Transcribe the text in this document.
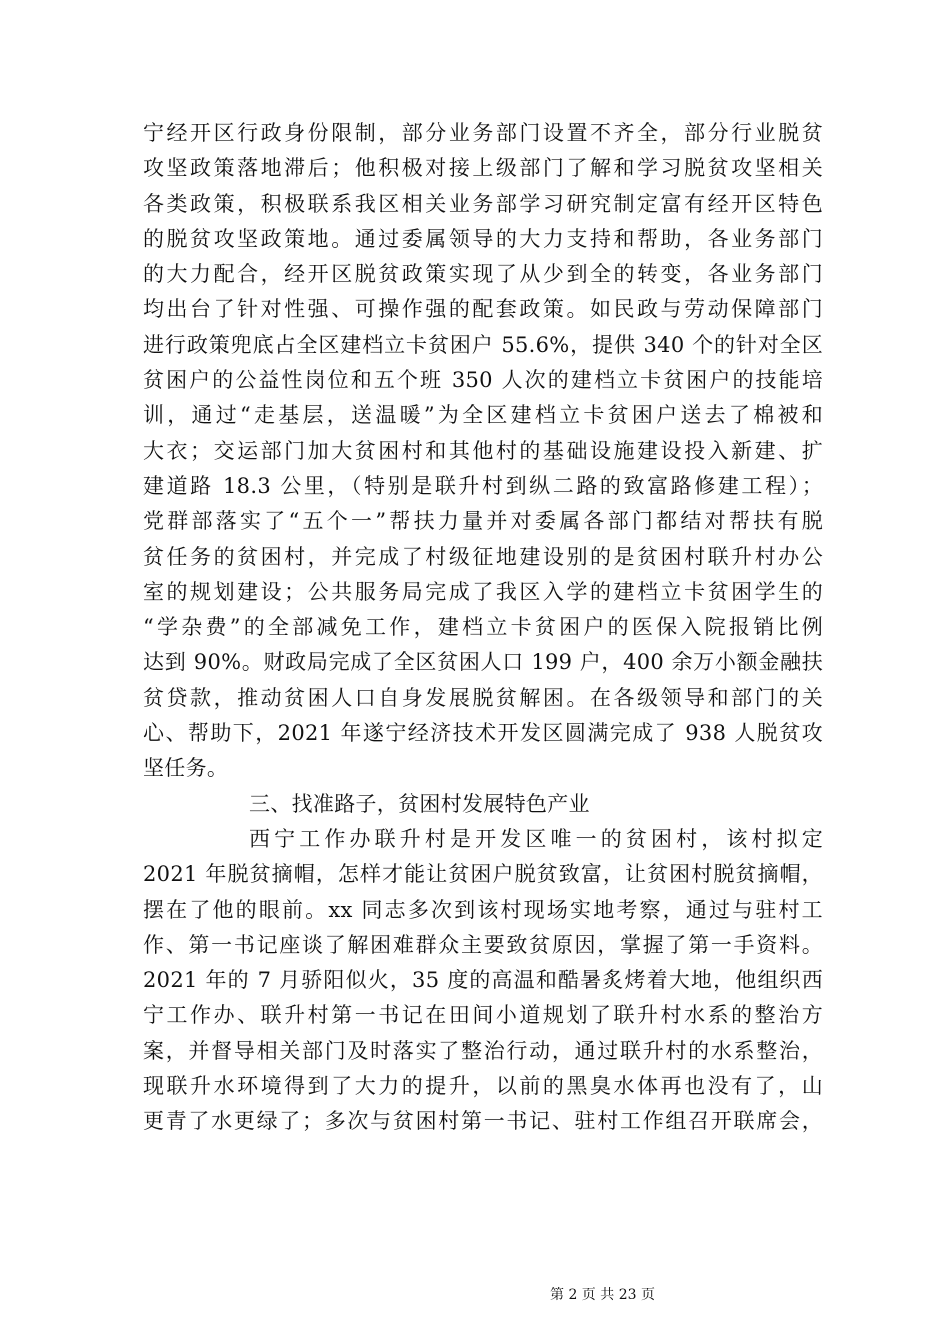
宁经开区行政身份限制，部分业务部门设置不齐全，部分行业脱贫
攻坚政策落地滞后；他积极对接上级部门了解和学习脱贫攻坚相关
各类政策，积极联系我区相关业务部学习研究制定富有经开区特色
的脱贫攻坚政策地。通过委属领导的大力支持和帮助，各业务部门
的大力配合，经开区脱贫政策实现了从少到全的转变，各业务部门
均出台了针对性强、可操作强的配套政策。如民政与劳动保障部门
进行政策兜底占全区建档立卡贫困户 55.6%，提供 340 个的针对全区
贫困户的公益性岗位和五个班 350 人次的建档立卡贫困户的技能培
训，通过“走基层，送温暖”为全区建档立卡贫困户送去了棉被和
大衣；交运部门加大贫困村和其他村的基础设施建设投入新建、扩
建道路 18.3 公里，（特别是联升村到纵二路的致富路修建工程）；
党群部落实了“五个一”帮扶力量并对委属各部门都结对帮扶有脱
贫任务的贫困村，并完成了村级征地建设别的是贫困村联升村办公
室的规划建设；公共服务局完成了我区入学的建档立卡贫困学生的
“学杂费”的全部减免工作，建档立卡贫困户的医保入院报销比例
达到 90%。财政局完成了全区贫困人口 199 户，400 余万小额金融扶
贫贷款，推动贫困人口自身发展脱贫解困。在各级领导和部门的关
心、帮助下，2021 年遂宁经济技术开发区圆满完成了 938 人脱贫攻
坚任务。
三、找准路子，贫困村发展特色产业
西宁工作办联升村是开发区唯一的贫困村，该村拟定
2021 年脱贫摘帽，怎样才能让贫困户脱贫致富，让贫困村脱贫摘帽，
摆在了他的眼前。xx 同志多次到该村现场实地考察，通过与驻村工
作、第一书记座谈了解困难群众主要致贫原因，掌握了第一手资料。
2021 年的 7 月骄阳似火，35 度的高温和酷暑炙烤着大地，他组织西
宁工作办、联升村第一书记在田间小道规划了联升村水系的整治方
案，并督导相关部门及时落实了整治行动，通过联升村的水系整治，
现联升水环境得到了大力的提升，以前的黑臭水体再也没有了，山
更青了水更绿了；多次与贫困村第一书记、驻村工作组召开联席会，
第 2 页 共 23 页
